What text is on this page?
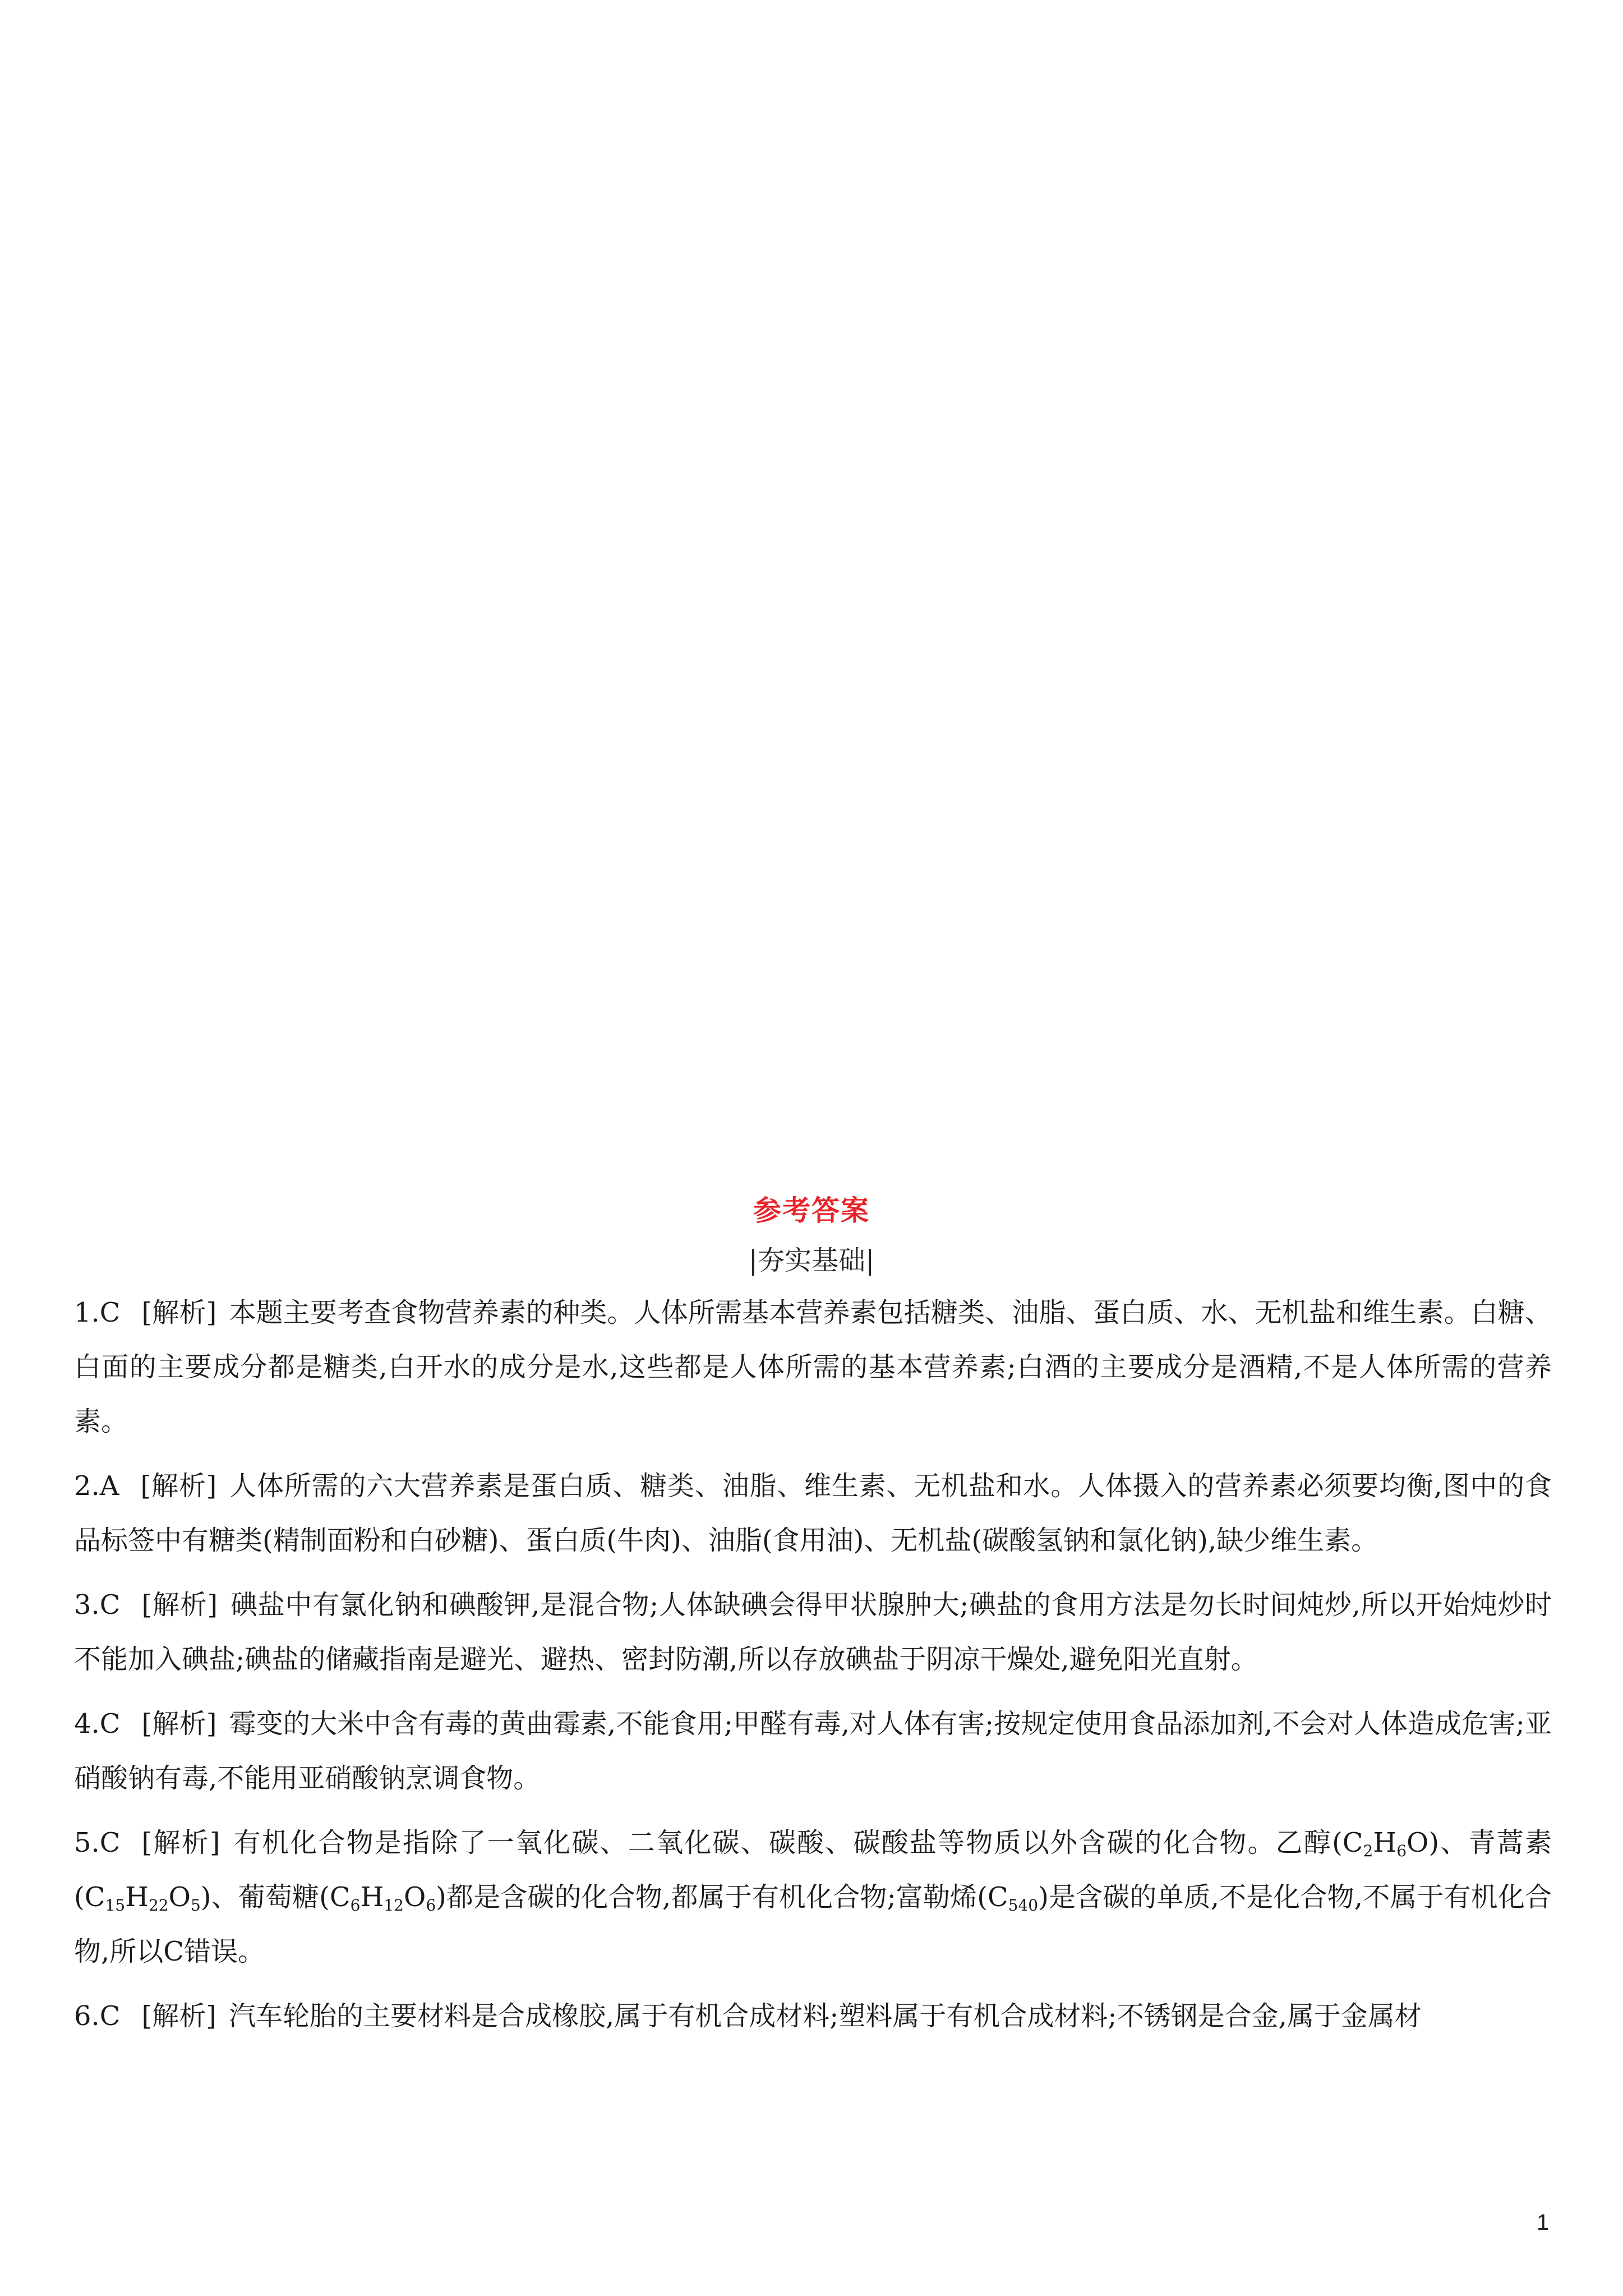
参考答案
|夯实基础|

1.C [解析] 本题主要考查食物营养素的种类。人体所需基本营养素包括糖类、油脂、蛋白质、水、无机盐和维生素。白糖、白面的主要成分都是糖类,白开水的成分是水,这些都是人体所需的基本营养素;白酒的主要成分是酒精,不是人体所需的营养素。

2.A [解析] 人体所需的六大营养素是蛋白质、糖类、油脂、维生素、无机盐和水。人体摄入的营养素必须要均衡,图中的食品标签中有糖类(精制面粉和白砂糖)、蛋白质(牛肉)、油脂(食用油)、无机盐(碳酸氢钠和氯化钠),缺少维生素。

3.C [解析] 碘盐中有氯化钠和碘酸钾,是混合物;人体缺碘会得甲状腺肿大;碘盐的食用方法是勿长时间炖炒,所以开始炖炒时不能加入碘盐;碘盐的储藏指南是避光、避热、密封防潮,所以存放碘盐于阴凉干燥处,避免阳光直射。

4.C [解析] 霉变的大米中含有毒的黄曲霉素,不能食用;甲醛有毒,对人体有害;按规定使用食品添加剂,不会对人体造成危害;亚硝酸钠有毒,不能用亚硝酸钠烹调食物。

5.C [解析] 有机化合物是指除了一氧化碳、二氧化碳、碳酸、碳酸盐等物质以外含碳的化合物。乙醇$(C_2H_6O)$、青蒿素$(C_{15}H_{22}O_5)$、葡萄糖$(C_6H_{12}O_6)$都是含碳的化合物,都属于有机化合物;富勒烯$(C_{540})$是含碳的单质,不是化合物,不属于有机化合物,所以C错误。

6.C [解析] 汽车轮胎的主要材料是合成橡胶,属于有机合成材料;塑料属于有机合成材料;不锈钢是合金,属于金属材

1
